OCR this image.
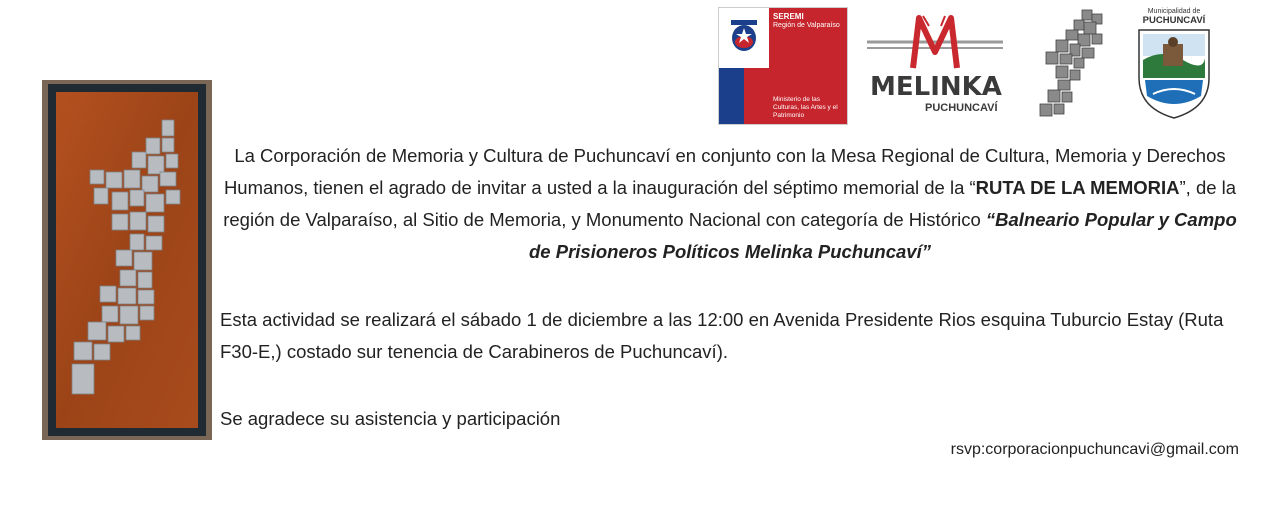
SEREMI
Región de Valparaíso
Ministerio de las Culturas, las Artes y el Patrimonio
MELINKA
PUCHUNCAVÍ
Municipalidad de
PUCHUNCAVÍ
La Corporación de Memoria y Cultura de Puchuncaví en conjunto con la Mesa Regional de Cultura, Memoria y Derechos Humanos, tienen el agrado de invitar a usted a la inauguración del séptimo memorial de la “RUTA DE LA MEMORIA”, de la región de Valparaíso, al Sitio de Memoria, y Monumento Nacional con categoría de Histórico “Balneario Popular y Campo de Prisioneros Políticos Melinka Puchuncaví”
Esta actividad se realizará el sábado 1 de diciembre a las 12:00 en Avenida Presidente Rios esquina Tuburcio Estay (Ruta F30-E,) costado sur tenencia de Carabineros de Puchuncaví).
Se agradece su asistencia y participación
rsvp:corporacionpuchuncavi@gmail.com
